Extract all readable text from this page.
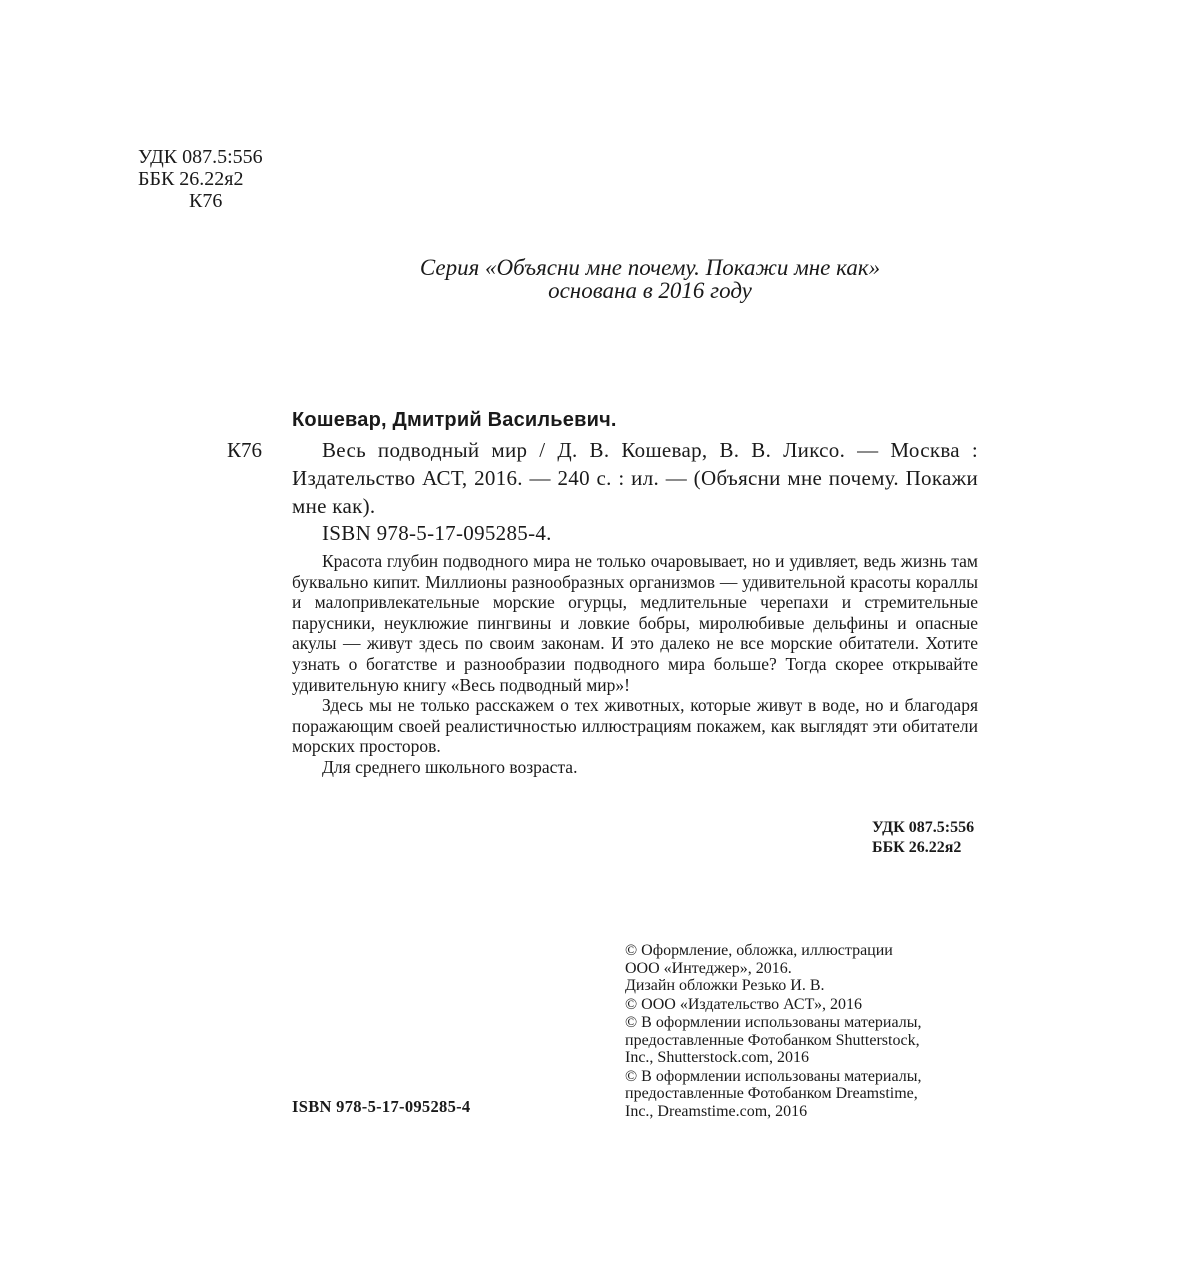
УДК 087.5:556
ББК 26.22я2
К76
Серия «Объясни мне почему. Покажи мне как»
основана в 2016 году
Кошевар, Дмитрий Васильевич.
К76	Весь подводный мир / Д. В. Кошевар, В. В. Ликсо. — Москва : Издательство АСТ, 2016. — 240 с. : ил. — (Объясни мне почему. Покажи мне как).
ISBN 978-5-17-095285-4.

Красота глубин подводного мира не только очаровывает, но и удивляет, ведь жизнь там буквально кипит. Миллионы разнообразных организмов — удивительной красоты кораллы и малопривлекательные морские огурцы, медлительные черепахи и стремительные парусники, неуклюжие пингвины и ловкие бобры, миролюбивые дельфины и опасные акулы — живут здесь по своим законам. И это далеко не все морские обитатели. Хотите узнать о богатстве и разнообразии подводного мира больше? Тогда скорее открывайте удивительную книгу «Весь подводный мир»!

Здесь мы не только расскажем о тех животных, которые живут в воде, но и благодаря поражающим своей реалистичностью иллюстрациям покажем, как выглядят эти обитатели морских просторов.

Для среднего школьного возраста.

УДК 087.5:556
ББК 26.22я2
© Оформление, обложка, иллюстрации
ООО «Интеджер», 2016.
Дизайн обложки Резько И. В.
© ООО «Издательство АСТ», 2016
© В оформлении использованы материалы,
предоставленные Фотобанком Shutterstock,
Inc., Shutterstock.com, 2016
© В оформлении использованы материалы,
предоставленные Фотобанком Dreamstime,
Inc., Dreamstime.com, 2016
ISBN 978-5-17-095285-4
